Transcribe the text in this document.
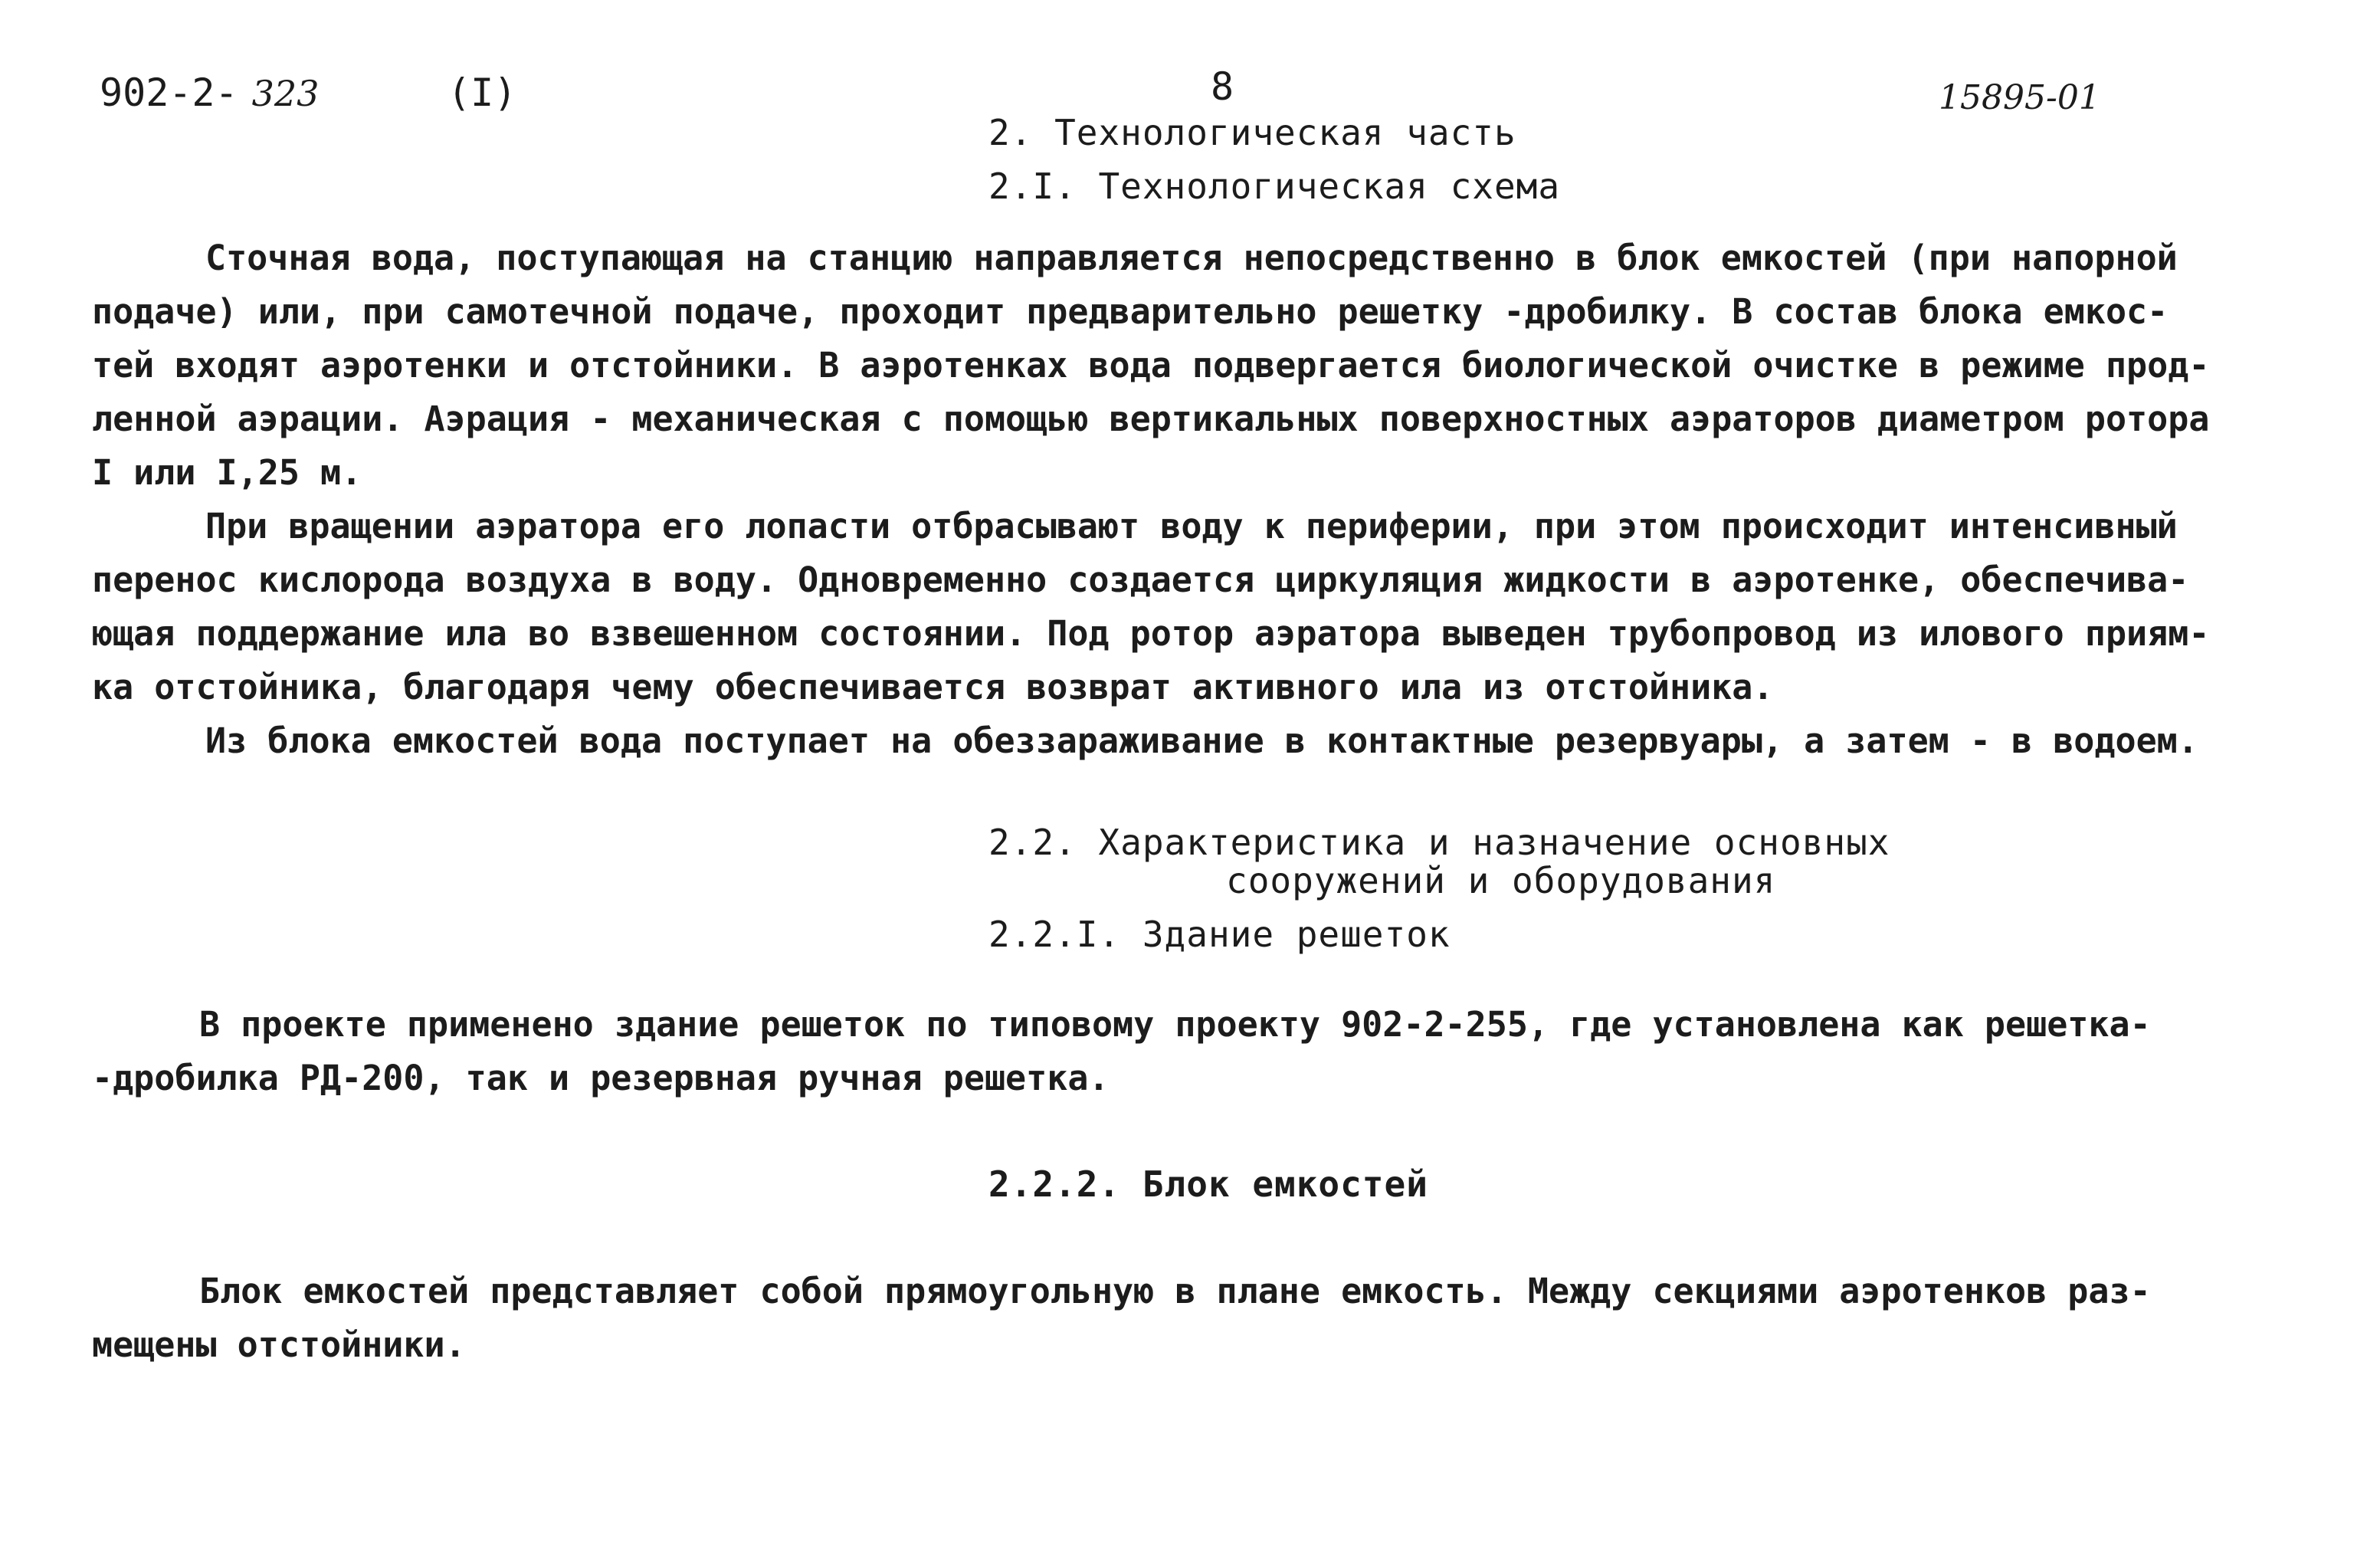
902-2- 323	(I)	8	15895-01
2. Технологическая часть
2.I. Технологическая схема
Сточная вода, поступающая на станцию направляется непосредственно в блок емкостей (при напорной
подаче) или, при самотечной подаче, проходит предварительно решетку -дробилку. В состав блока емкос-
тей входят аэротенки и отстойники. В аэротенках вода подвергается биологической очистке в режиме прод-
ленной аэрации. Аэрация - механическая с помощью вертикальных поверхностных аэраторов диаметром ротора
I или I,25 м.
При вращении аэратора его лопасти отбрасывают воду к периферии, при этом происходит интенсивный
перенос кислорода воздуха в воду. Одновременно создается циркуляция жидкости в аэротенке, обеспечива-
ющая поддержание ила во взвешенном состоянии. Под ротор аэратора выведен трубопровод из илового приям-
ка отстойника, благодаря чему обеспечивается возврат активного ила из отстойника.
Из блока емкостей вода поступает на обеззараживание в контактные резервуары, а затем - в водоем.
2.2. Характеристика и назначение основных
сооружений и оборудования
2.2.I. Здание решеток
В проекте применено здание решеток по типовому проекту 902-2-255, где установлена как решетка-
-дробилка РД-200, так и резервная ручная решетка.
2.2.2. Блок емкостей
Блок емкостей представляет собой прямоугольную в плане емкость. Между секциями аэротенков раз-
мещены отстойники.
